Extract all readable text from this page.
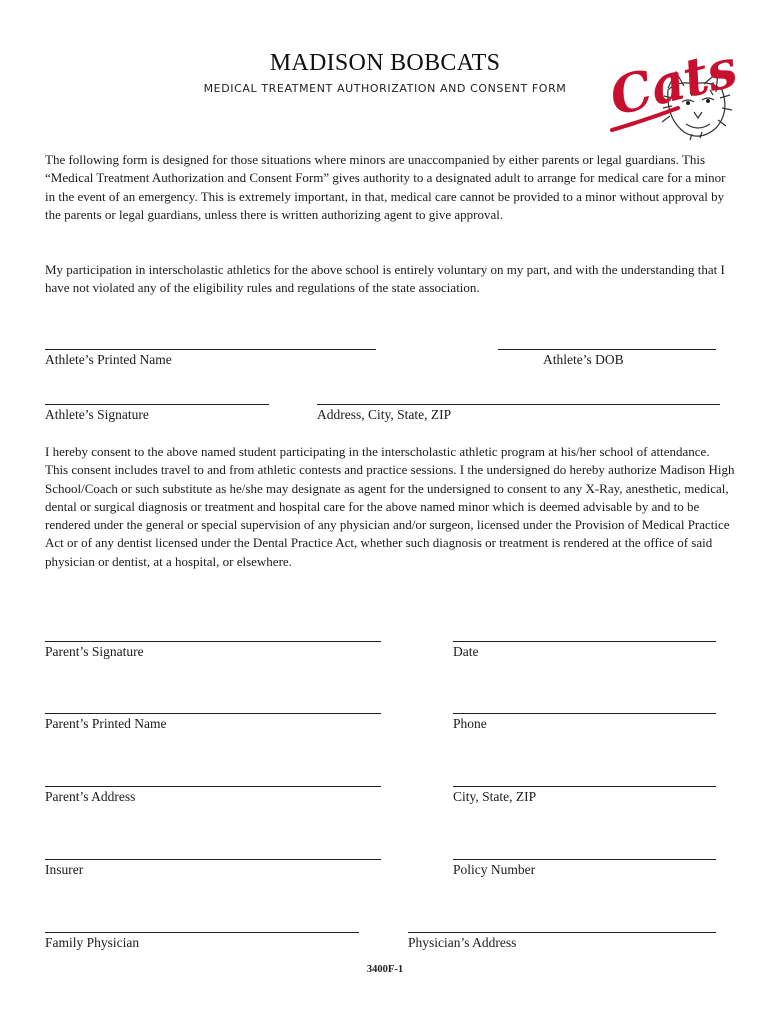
MADISON BOBCATS
MEDICAL TREATMENT AUTHORIZATION AND CONSENT FORM Cats
The following form is designed for those situations where minors are unaccompanied by either parents or legal guardians. This “Medical Treatment Authorization and Consent Form” gives authority to a designated adult to arrange for medical care for a minor in the event of an emergency. This is extremely important, in that, medical care cannot be provided to a minor without approval by the parents or legal guardians, unless there is written authorizing agent to give approval.
My participation in interscholastic athletics for the above school is entirely voluntary on my part, and with the understanding that I have not violated any of the eligibility rules and regulations of the state association.
Athlete’s Printed Name	Athlete’s DOB
Athlete’s Signature	Address, City, State, ZIP
I hereby consent to the above named student participating in the interscholastic athletic program at his/her school of attendance. This consent includes travel to and from athletic contests and practice sessions. I the undersigned do hereby authorize Madison High School/Coach or such substitute as he/she may designate as agent for the undersigned to consent to any X-Ray, anesthetic, medical, dental or surgical diagnosis or treatment and hospital care for the above named minor which is deemed advisable by and to be rendered under the general or special supervision of any physician and/or surgeon, licensed under the Provision of Medical Practice Act or of any dentist licensed under the Dental Practice Act, whether such diagnosis or treatment is rendered at the office of said physician or dentist, at a hospital, or elsewhere.
Parent’s Signature	Date
Parent’s Printed Name	Phone
Parent’s Address	City, State, ZIP
Insurer	Policy Number
Family Physician	Physician’s Address
3400F-1
